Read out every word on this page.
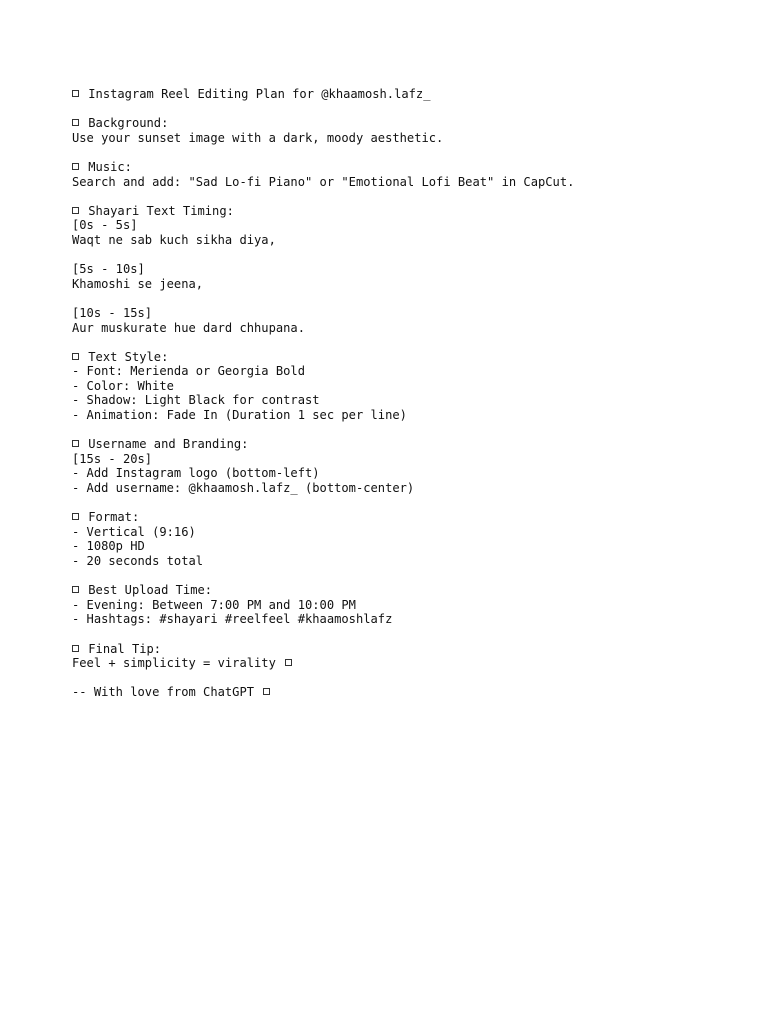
Instagram Reel Editing Plan for @khaamosh.lafz_
Background:
Use your sunset image with a dark, moody aesthetic.
Music:
Search and add: "Sad Lo-fi Piano" or "Emotional Lofi Beat" in CapCut.
Shayari Text Timing:
[0s - 5s]
Waqt ne sab kuch sikha diya,
[5s - 10s]
Khamoshi se jeena,
[10s - 15s]
Aur muskurate hue dard chhupana.
Text Style:
- Font: Merienda or Georgia Bold
- Color: White
- Shadow: Light Black for contrast
- Animation: Fade In (Duration 1 sec per line)
Username and Branding:
[15s - 20s]
- Add Instagram logo (bottom-left)
- Add username: @khaamosh.lafz_ (bottom-center)
Format:
- Vertical (9:16)
- 1080p HD
- 20 seconds total
Best Upload Time:
- Evening: Between 7:00 PM and 10:00 PM
- Hashtags: #shayari #reelfeel #khaamoshlafz
Final Tip:
Feel + simplicity = virality
-- With love from ChatGPT
